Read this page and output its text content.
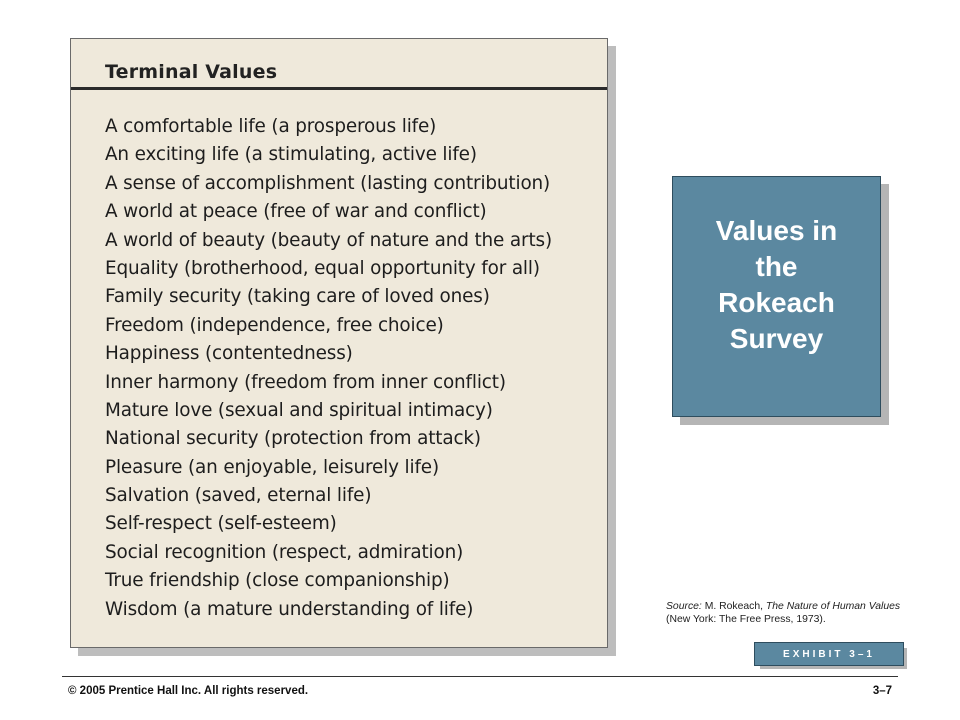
Terminal Values
A comfortable life (a prosperous life)
An exciting life (a stimulating, active life)
A sense of accomplishment (lasting contribution)
A world at peace (free of war and conflict)
A world of beauty (beauty of nature and the arts)
Equality (brotherhood, equal opportunity for all)
Family security (taking care of loved ones)
Freedom (independence, free choice)
Happiness (contentedness)
Inner harmony (freedom from inner conflict)
Mature love (sexual and spiritual intimacy)
National security (protection from attack)
Pleasure (an enjoyable, leisurely life)
Salvation (saved, eternal life)
Self-respect (self-esteem)
Social recognition (respect, admiration)
True friendship (close companionship)
Wisdom (a mature understanding of life)
Values in the Rokeach Survey
Source: M. Rokeach, The Nature of Human Values (New York: The Free Press, 1973).
EXHIBIT 3–1
© 2005 Prentice Hall Inc. All rights reserved.	3–7
